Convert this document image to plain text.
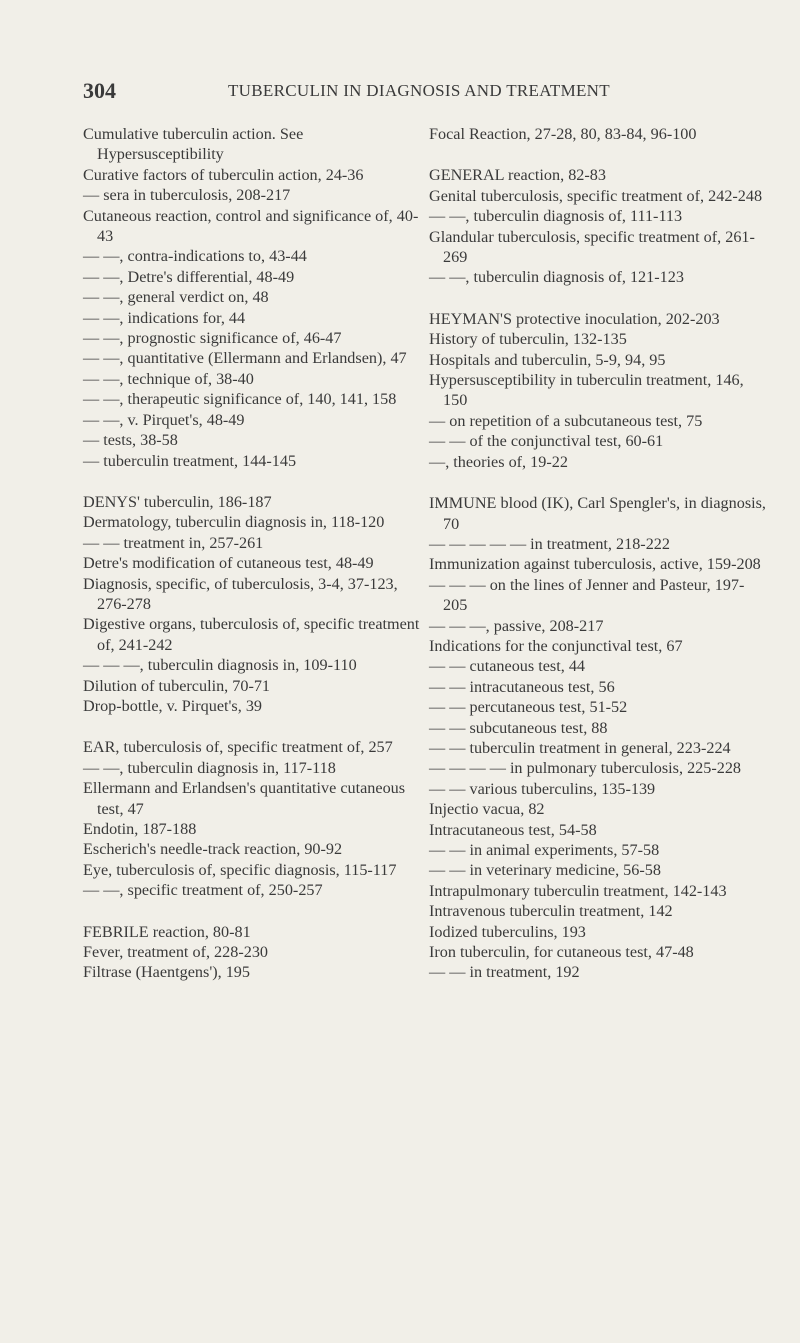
304	TUBERCULIN IN DIAGNOSIS AND TREATMENT
Cumulative tuberculin action. See Hypersusceptibility
Curative factors of tuberculin action, 24-36
— sera in tuberculosis, 208-217
Cutaneous reaction, control and significance of, 40-43
— —, contra-indications to, 43-44
— —, Detre's differential, 48-49
— —, general verdict on, 48
— —, indications for, 44
— —, prognostic significance of, 46-47
— —, quantitative (Ellermann and Erlandsen), 47
— —, technique of, 38-40
— —, therapeutic significance of, 140, 141, 158
— —, v. Pirquet's, 48-49
— tests, 38-58
— tuberculin treatment, 144-145
DENYS' tuberculin, 186-187
Dermatology, tuberculin diagnosis in, 118-120
— — treatment in, 257-261
Detre's modification of cutaneous test, 48-49
Diagnosis, specific, of tuberculosis, 3-4, 37-123, 276-278
Digestive organs, tuberculosis of, specific treatment of, 241-242
— — —, tuberculin diagnosis in, 109-110
Dilution of tuberculin, 70-71
Drop-bottle, v. Pirquet's, 39
EAR, tuberculosis of, specific treatment of, 257
— —, tuberculin diagnosis in, 117-118
Ellermann and Erlandsen's quantitative cutaneous test, 47
Endotin, 187-188
Escherich's needle-track reaction, 90-92
Eye, tuberculosis of, specific diagnosis, 115-117
— —, specific treatment of, 250-257
FEBRILE reaction, 80-81
Fever, treatment of, 228-230
Filtrase (Haentgens'), 195
Focal Reaction, 27-28, 80, 83-84, 96-100
GENERAL reaction, 82-83
Genital tuberculosis, specific treatment of, 242-248
— —, tuberculin diagnosis of, 111-113
Glandular tuberculosis, specific treatment of, 261-269
— —, tuberculin diagnosis of, 121-123
HEYMAN'S protective inoculation, 202-203
History of tuberculin, 132-135
Hospitals and tuberculin, 5-9, 94, 95
Hypersusceptibility in tuberculin treatment, 146, 150
— on repetition of a subcutaneous test, 75
— — of the conjunctival test, 60-61
—, theories of, 19-22
IMMUNE blood (IK), Carl Spengler's, in diagnosis, 70
— — — — — in treatment, 218-222
Immunization against tuberculosis, active, 159-208
— — — on the lines of Jenner and Pasteur, 197-205
— — —, passive, 208-217
Indications for the conjunctival test, 67
— — cutaneous test, 44
— — intracutaneous test, 56
— — percutaneous test, 51-52
— — subcutaneous test, 88
— — tuberculin treatment in general, 223-224
— — — — in pulmonary tuberculosis, 225-228
— — various tuberculins, 135-139
Injectio vacua, 82
Intracutaneous test, 54-58
— — in animal experiments, 57-58
— — in veterinary medicine, 56-58
Intrapulmonary tuberculin treatment, 142-143
Intravenous tuberculin treatment, 142
Iodized tuberculins, 193
Iron tuberculin, for cutaneous test, 47-48
— — in treatment, 192
